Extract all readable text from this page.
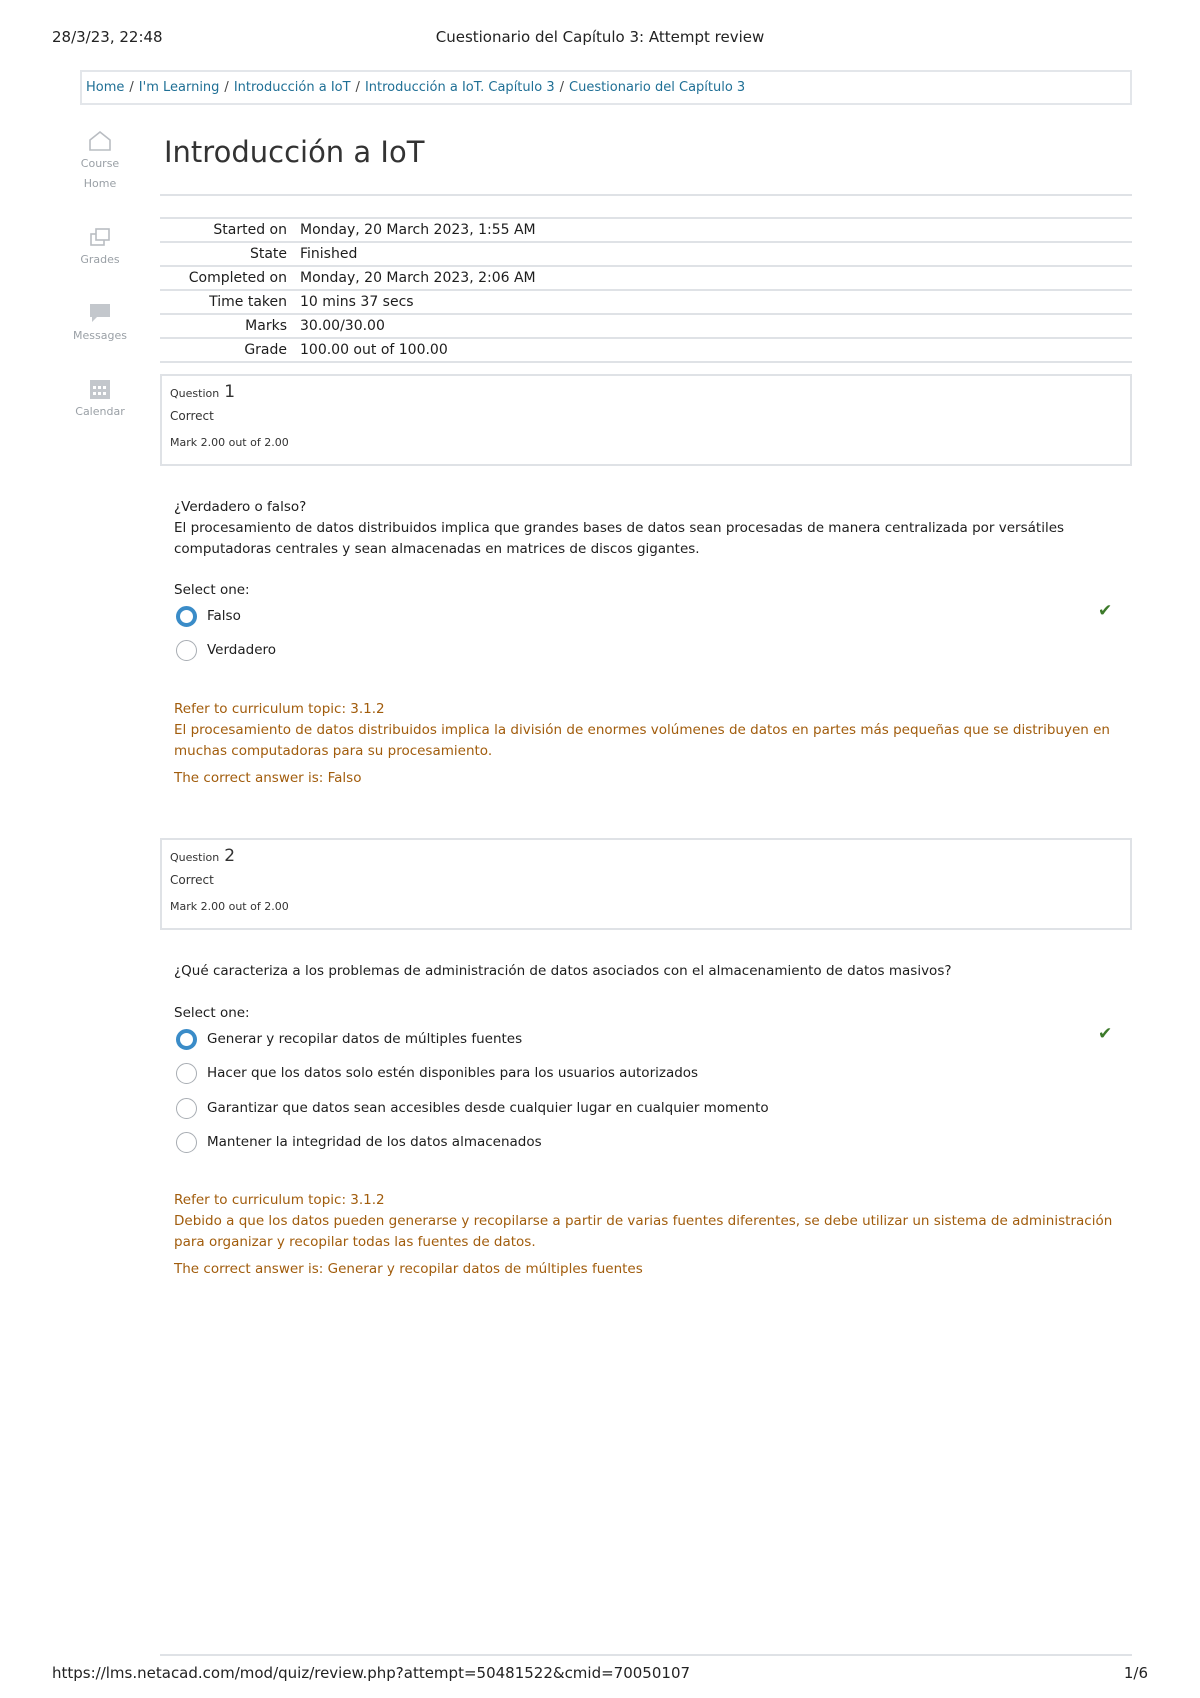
28/3/23, 22:48	Cuestionario del Capítulo 3: Attempt review
Home / I'm Learning / Introducción a IoT / Introducción a IoT. Capítulo 3 / Cuestionario del Capítulo 3
Course
Home
Grades
Messages
Calendar
Introducción a IoT
Started on	Monday, 20 March 2023, 1:55 AM
State	Finished
Completed on	Monday, 20 March 2023, 2:06 AM
Time taken	10 mins 37 secs
Marks	30.00/30.00
Grade	100.00 out of 100.00
Question 1
Correct
Mark 2.00 out of 2.00
¿Verdadero o falso?
El procesamiento de datos distribuidos implica que grandes bases de datos sean procesadas de manera centralizada por versátiles computadoras centrales y sean almacenadas en matrices de discos gigantes.
Select one:
Falso
Verdadero
✔
Refer to curriculum topic: 3.1.2
El procesamiento de datos distribuidos implica la división de enormes volúmenes de datos en partes más pequeñas que se distribuyen en muchas computadoras para su procesamiento.
The correct answer is: Falso
Question 2
Correct
Mark 2.00 out of 2.00
¿Qué caracteriza a los problemas de administración de datos asociados con el almacenamiento de datos masivos?
Select one:
Generar y recopilar datos de múltiples fuentes
Hacer que los datos solo estén disponibles para los usuarios autorizados
Garantizar que datos sean accesibles desde cualquier lugar en cualquier momento
Mantener la integridad de los datos almacenados
✔
Refer to curriculum topic: 3.1.2
Debido a que los datos pueden generarse y recopilarse a partir de varias fuentes diferentes, se debe utilizar un sistema de administración para organizar y recopilar todas las fuentes de datos.
The correct answer is: Generar y recopilar datos de múltiples fuentes
https://lms.netacad.com/mod/quiz/review.php?attempt=50481522&cmid=70050107	1/6
